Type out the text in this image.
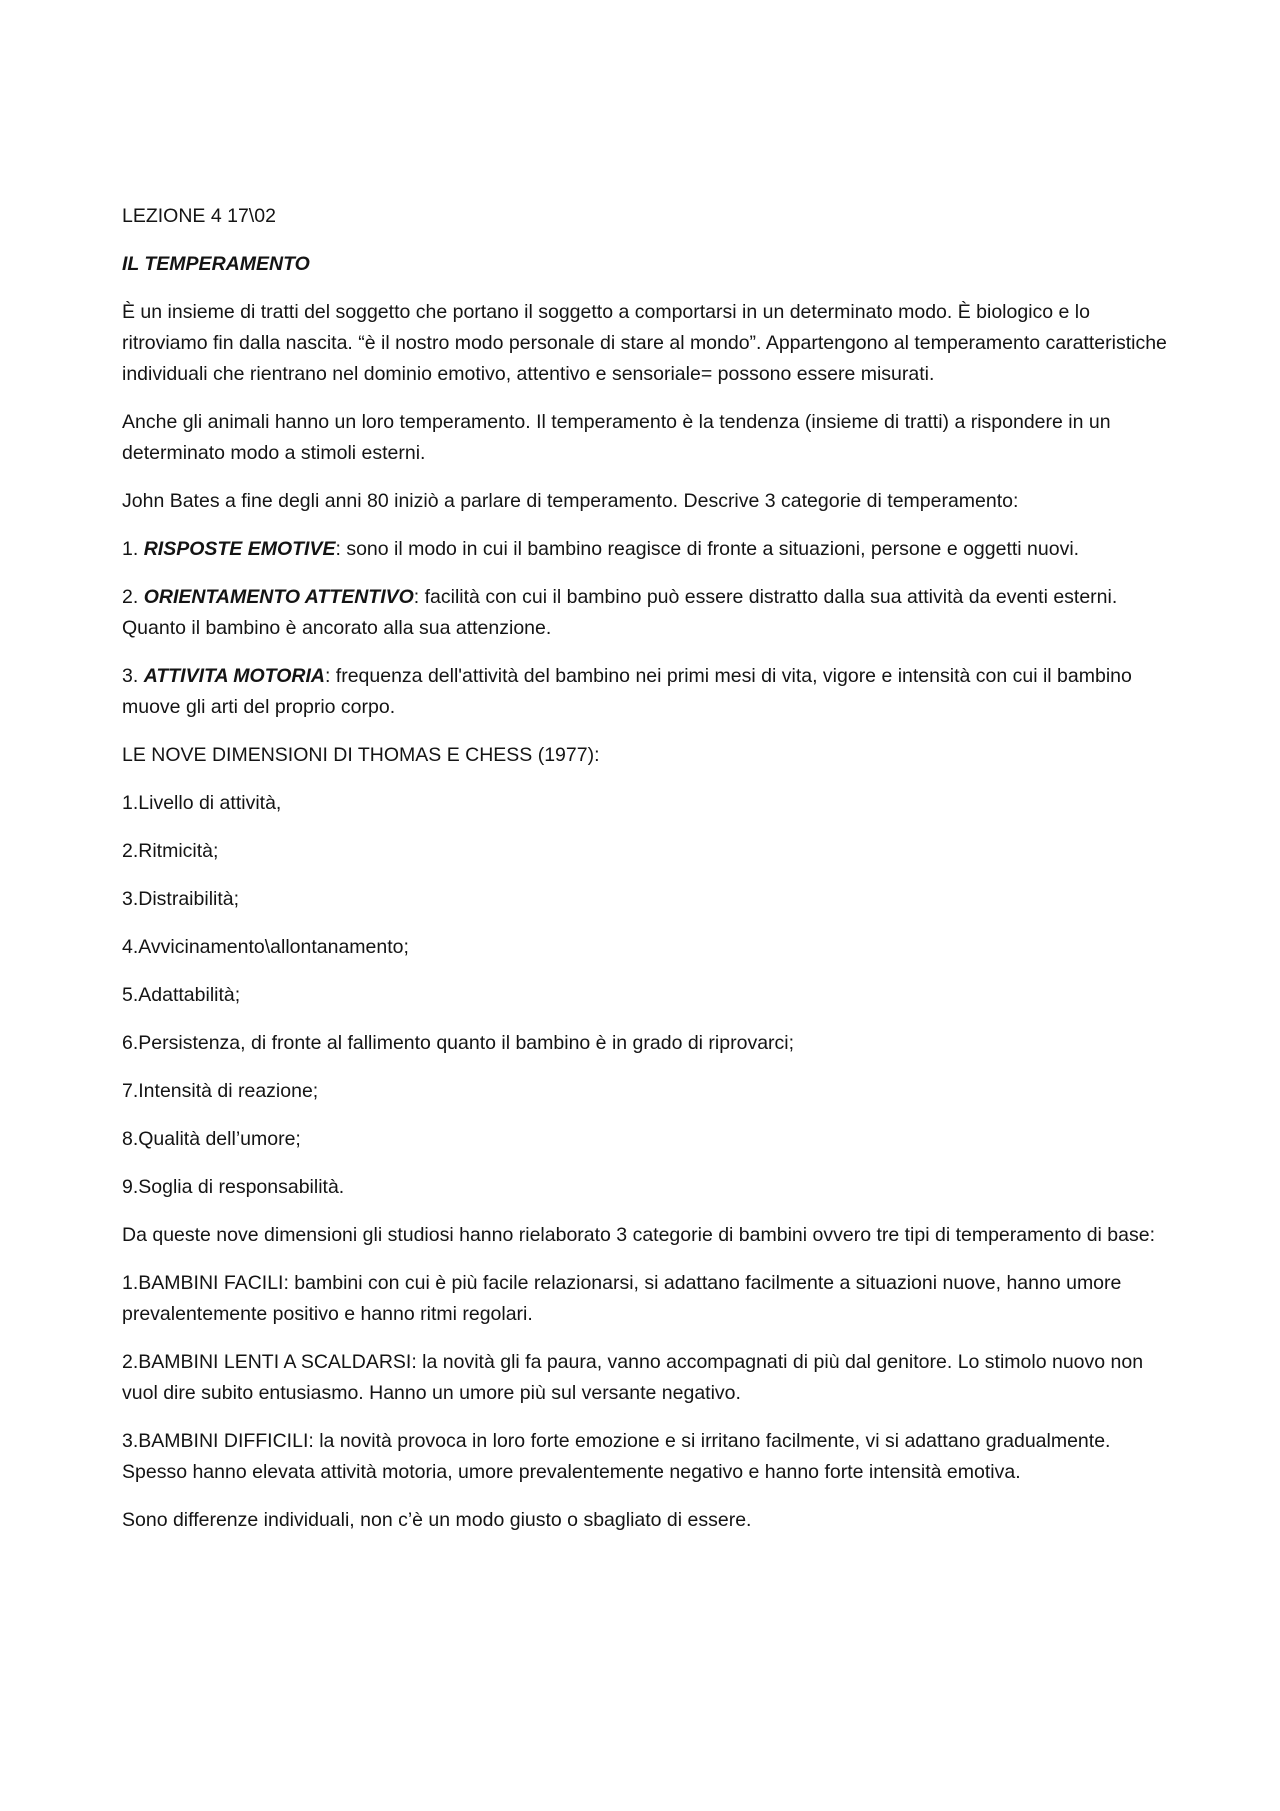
LEZIONE 4 17\02

IL TEMPERAMENTO

È un insieme di tratti del soggetto che portano il soggetto a comportarsi in un determinato modo. È biologico e lo ritroviamo fin dalla nascita. “è il nostro modo personale di stare al mondo”. Appartengono al temperamento caratteristiche individuali che rientrano nel dominio emotivo, attentivo e sensoriale= possono essere misurati.

Anche gli animali hanno un loro temperamento. Il temperamento è la tendenza (insieme di tratti) a rispondere in un determinato modo a stimoli esterni.

John Bates a fine degli anni 80 iniziò a parlare di temperamento. Descrive 3 categorie di temperamento:

1. RISPOSTE EMOTIVE: sono il modo in cui il bambino reagisce di fronte a situazioni, persone e oggetti nuovi.

2. ORIENTAMENTO ATTENTIVO: facilità con cui il bambino può essere distratto dalla sua attività da eventi esterni. Quanto il bambino è ancorato alla sua attenzione.

3. ATTIVITA MOTORIA: frequenza dell'attività del bambino nei primi mesi di vita, vigore e intensità con cui il bambino muove gli arti del proprio corpo.

LE NOVE DIMENSIONI DI THOMAS E CHESS (1977):

1.Livello di attività,

2.Ritmicità;

3.Distraibilità;

4.Avvicinamento\allontanamento;

5.Adattabilità;

6.Persistenza, di fronte al fallimento quanto il bambino è in grado di riprovarci;

7.Intensità di reazione;

8.Qualità dell’umore;

9.Soglia di responsabilità.

Da queste nove dimensioni gli studiosi hanno rielaborato 3 categorie di bambini ovvero tre tipi di temperamento di base:

1.BAMBINI FACILI: bambini con cui è più facile relazionarsi, si adattano facilmente a situazioni nuove, hanno umore prevalentemente positivo e hanno ritmi regolari.

2.BAMBINI LENTI A SCALDARSI: la novità gli fa paura, vanno accompagnati di più dal genitore. Lo stimolo nuovo non vuol dire subito entusiasmo. Hanno un umore più sul versante negativo.

3.BAMBINI DIFFICILI: la novità provoca in loro forte emozione e si irritano facilmente, vi si adattano gradualmente. Spesso hanno elevata attività motoria, umore prevalentemente negativo e hanno forte intensità emotiva.

Sono differenze individuali, non c’è un modo giusto o sbagliato di essere.
